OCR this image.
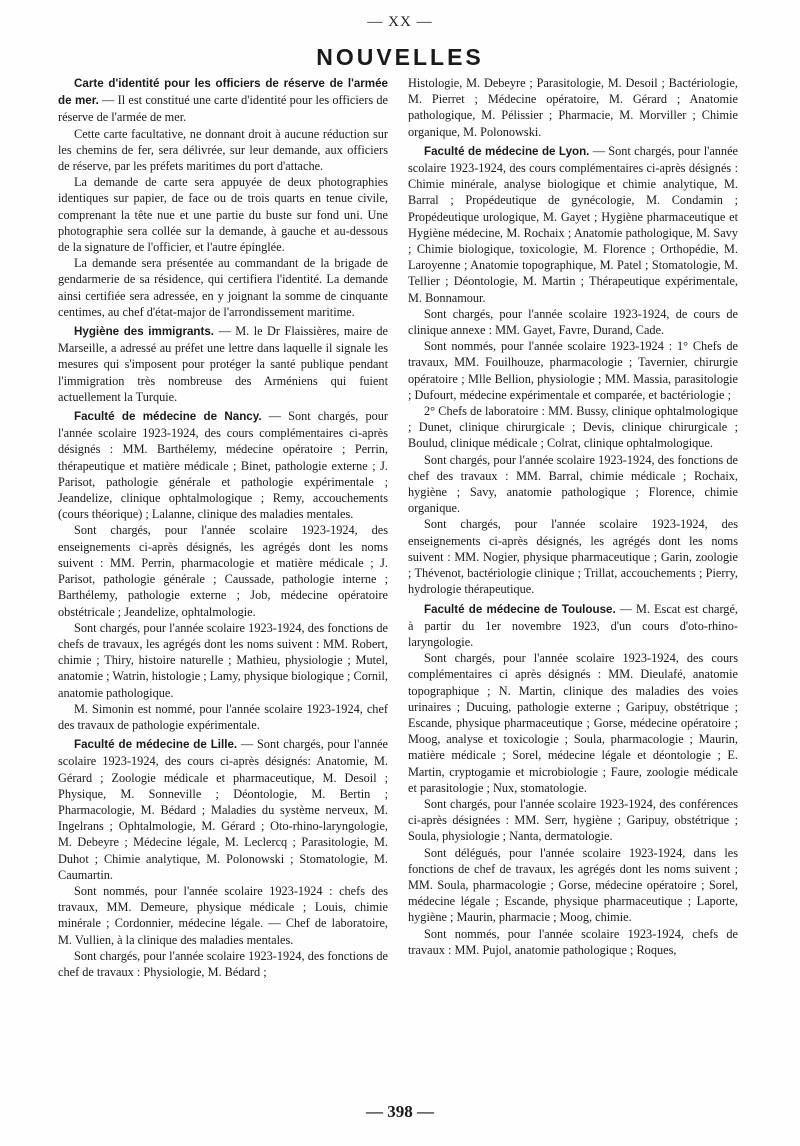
— XX —
NOUVELLES

Carte d'identité pour les officiers de réserve de l'armée de mer. — Il est constitué une carte d'identité pour les officiers de réserve de l'armée de mer.

Cette carte facultative, ne donnant droit à aucune réduction sur les chemins de fer, sera délivrée, sur leur demande, aux officiers de réserve, par les préfets maritimes du port d'attache.

La demande de carte sera appuyée de deux photographies identiques sur papier, de face ou de trois quarts en tenue civile, comprenant la tête nue et une partie du buste sur fond uni. Une photographie sera collée sur la demande, à gauche et au-dessous de la signature de l'officier, et l'autre épinglée.

La demande sera présentée au commandant de la brigade de gendarmerie de sa résidence, qui certifiera l'identité. La demande ainsi certifiée sera adressée, en y joignant la somme de cinquante centimes, au chef d'état-major de l'arrondissement maritime.

Hygiène des immigrants. — M. le Dr Flaissières, maire de Marseille, a adressé au préfet une lettre dans laquelle il signale les mesures qui s'imposent pour protéger la santé publique pendant l'immigration très nombreuse des Arméniens qui fuient actuellement la Turquie.

Faculté de médecine de Nancy. — Sont chargés, pour l'année scolaire 1923-1924, des cours complémentaires ci-après désignés : MM. Barthélemy, médecine opératoire ; Perrin, thérapeutique et matière médicale ; Binet, pathologie externe ; J. Parisot, pathologie générale et pathologie expérimentale ; Jeandelize, clinique ophtalmologique ; Remy, accouchements (cours théorique) ; Lalanne, clinique des maladies mentales.

Sont chargés, pour l'année scolaire 1923-1924, des enseignements ci-après désignés, les agrégés dont les noms suivent : MM. Perrin, pharmacologie et matière médicale ; J. Parisot, pathologie générale ; Caussade, pathologie interne ; Barthélemy, pathologie externe ; Job, médecine opératoire obstétricale ; Jeandelize, ophtalmologie.

Sont chargés, pour l'année scolaire 1923-1924, des fonctions de chefs de travaux, les agrégés dont les noms suivent : MM. Robert, chimie ; Thiry, histoire naturelle ; Mathieu, physiologie ; Mutel, anatomie ; Watrin, histologie ; Lamy, physique biologique ; Cornil, anatomie pathologique.

M. Simonin est nommé, pour l'année scolaire 1923-1924, chef des travaux de pathologie expérimentale.

Faculté de médecine de Lille. — Sont chargés, pour l'année scolaire 1923-1924, des cours ci-après désignés: Anatomie, M. Gérard ; Zoologie médicale et pharmaceutique, M. Desoil ; Physique, M. Sonneville ; Déontologie, M. Bertin ; Pharmacologie, M. Bédard ; Maladies du système nerveux, M. Ingelrans ; Ophtalmologie, M. Gérard ; Oto-rhino-laryngologie, M. Debeyre ; Médecine légale, M. Leclercq ; Parasitologie, M. Duhot ; Chimie analytique, M. Polonowski ; Stomatologie, M. Caumartin.

Sont nommés, pour l'année scolaire 1923-1924 : chefs des travaux, MM. Demeure, physique médicale ; Louis, chimie minérale ; Cordonnier, médecine légale. — Chef de laboratoire, M. Vullien, à la clinique des maladies mentales.

Sont chargés, pour l'année scolaire 1923-1924, des fonctions de chef de travaux : Physiologie, M. Bédard ;

Histologie, M. Debeyre ; Parasitologie, M. Desoil ; Bactériologie, M. Pierret ; Médecine opératoire, M. Gérard ; Anatomie pathologique, M. Pélissier ; Pharmacie, M. Morviller ; Chimie organique, M. Polonowski.

Faculté de médecine de Lyon. — Sont chargés, pour l'année scolaire 1923-1924, des cours complémentaires ci-après désignés : Chimie minérale, analyse biologique et chimie analytique, M. Barral ; Propédeutique de gynécologie, M. Condamin ; Propédeutique urologique, M. Gayet ; Hygiène pharmaceutique et Hygiène médecine, M. Rochaix ; Anatomie pathologique, M. Savy ; Chimie biologique, toxicologie, M. Florence ; Orthopédie, M. Laroyenne ; Anatomie topographique, M. Patel ; Stomatologie, M. Tellier ; Déontologie, M. Martin ; Thérapeutique expérimentale, M. Bonnamour.

Sont chargés, pour l'année scolaire 1923-1924, de cours de clinique annexe : MM. Gayet, Favre, Durand, Cade.

Sont nommés, pour l'année scolaire 1923-1924 : 1° Chefs de travaux, MM. Fouilhouze, pharmacologie ; Tavernier, chirurgie opératoire ; Mlle Bellion, physiologie ; MM. Massia, parasitologie ; Dufourt, médecine expérimentale et comparée, et bactériologie ;

2° Chefs de laboratoire : MM. Bussy, clinique ophtalmologique ; Dunet, clinique chirurgicale ; Devis, clinique chirurgicale ; Boulud, clinique médicale ; Colrat, clinique ophtalmologique.

Sont chargés, pour l'année scolaire 1923-1924, des fonctions de chef des travaux : MM. Barral, chimie médicale ; Rochaix, hygiène ; Savy, anatomie pathologique ; Florence, chimie organique.

Sont chargés, pour l'année scolaire 1923-1924, des enseignements ci-après désignés, les agrégés dont les noms suivent : MM. Nogier, physique pharmaceutique ; Garin, zoologie ; Thévenot, bactériologie clinique ; Trillat, accouchements ; Pierry, hydrologie thérapeutique.

Faculté de médecine de Toulouse. — M. Escat est chargé, à partir du 1er novembre 1923, d'un cours d'oto-rhino-laryngologie.

Sont chargés, pour l'année scolaire 1923-1924, des cours complémentaires ci après désignés : MM. Dieulafé, anatomie topographique ; N. Martin, clinique des maladies des voies urinaires ; Ducuing, pathologie externe ; Garipuy, obstétrique ; Escande, physique pharmaceutique ; Gorse, médecine opératoire ; Moog, analyse et toxicologie ; Soula, pharmacologie ; Maurin, matière médicale ; Sorel, médecine légale et déontologie ; E. Martin, cryptogamie et microbiologie ; Faure, zoologie médicale et parasitologie ; Nux, stomatologie.

Sont chargés, pour l'année scolaire 1923-1924, des conférences ci-après désignées : MM. Serr, hygiène ; Garipuy, obstétrique ; Soula, physiologie ; Nanta, dermatologie.

Sont délégués, pour l'année scolaire 1923-1924, dans les fonctions de chef de travaux, les agrégés dont les noms suivent ; MM. Soula, pharmacologie ; Gorse, médecine opératoire ; Sorel, médecine légale ; Escande, physique pharmaceutique ; Laporte, hygiène ; Maurin, pharmacie ; Moog, chimie.

Sont nommés, pour l'année scolaire 1923-1924, chefs de travaux : MM. Pujol, anatomie pathologique ; Roques,

— 398 —
